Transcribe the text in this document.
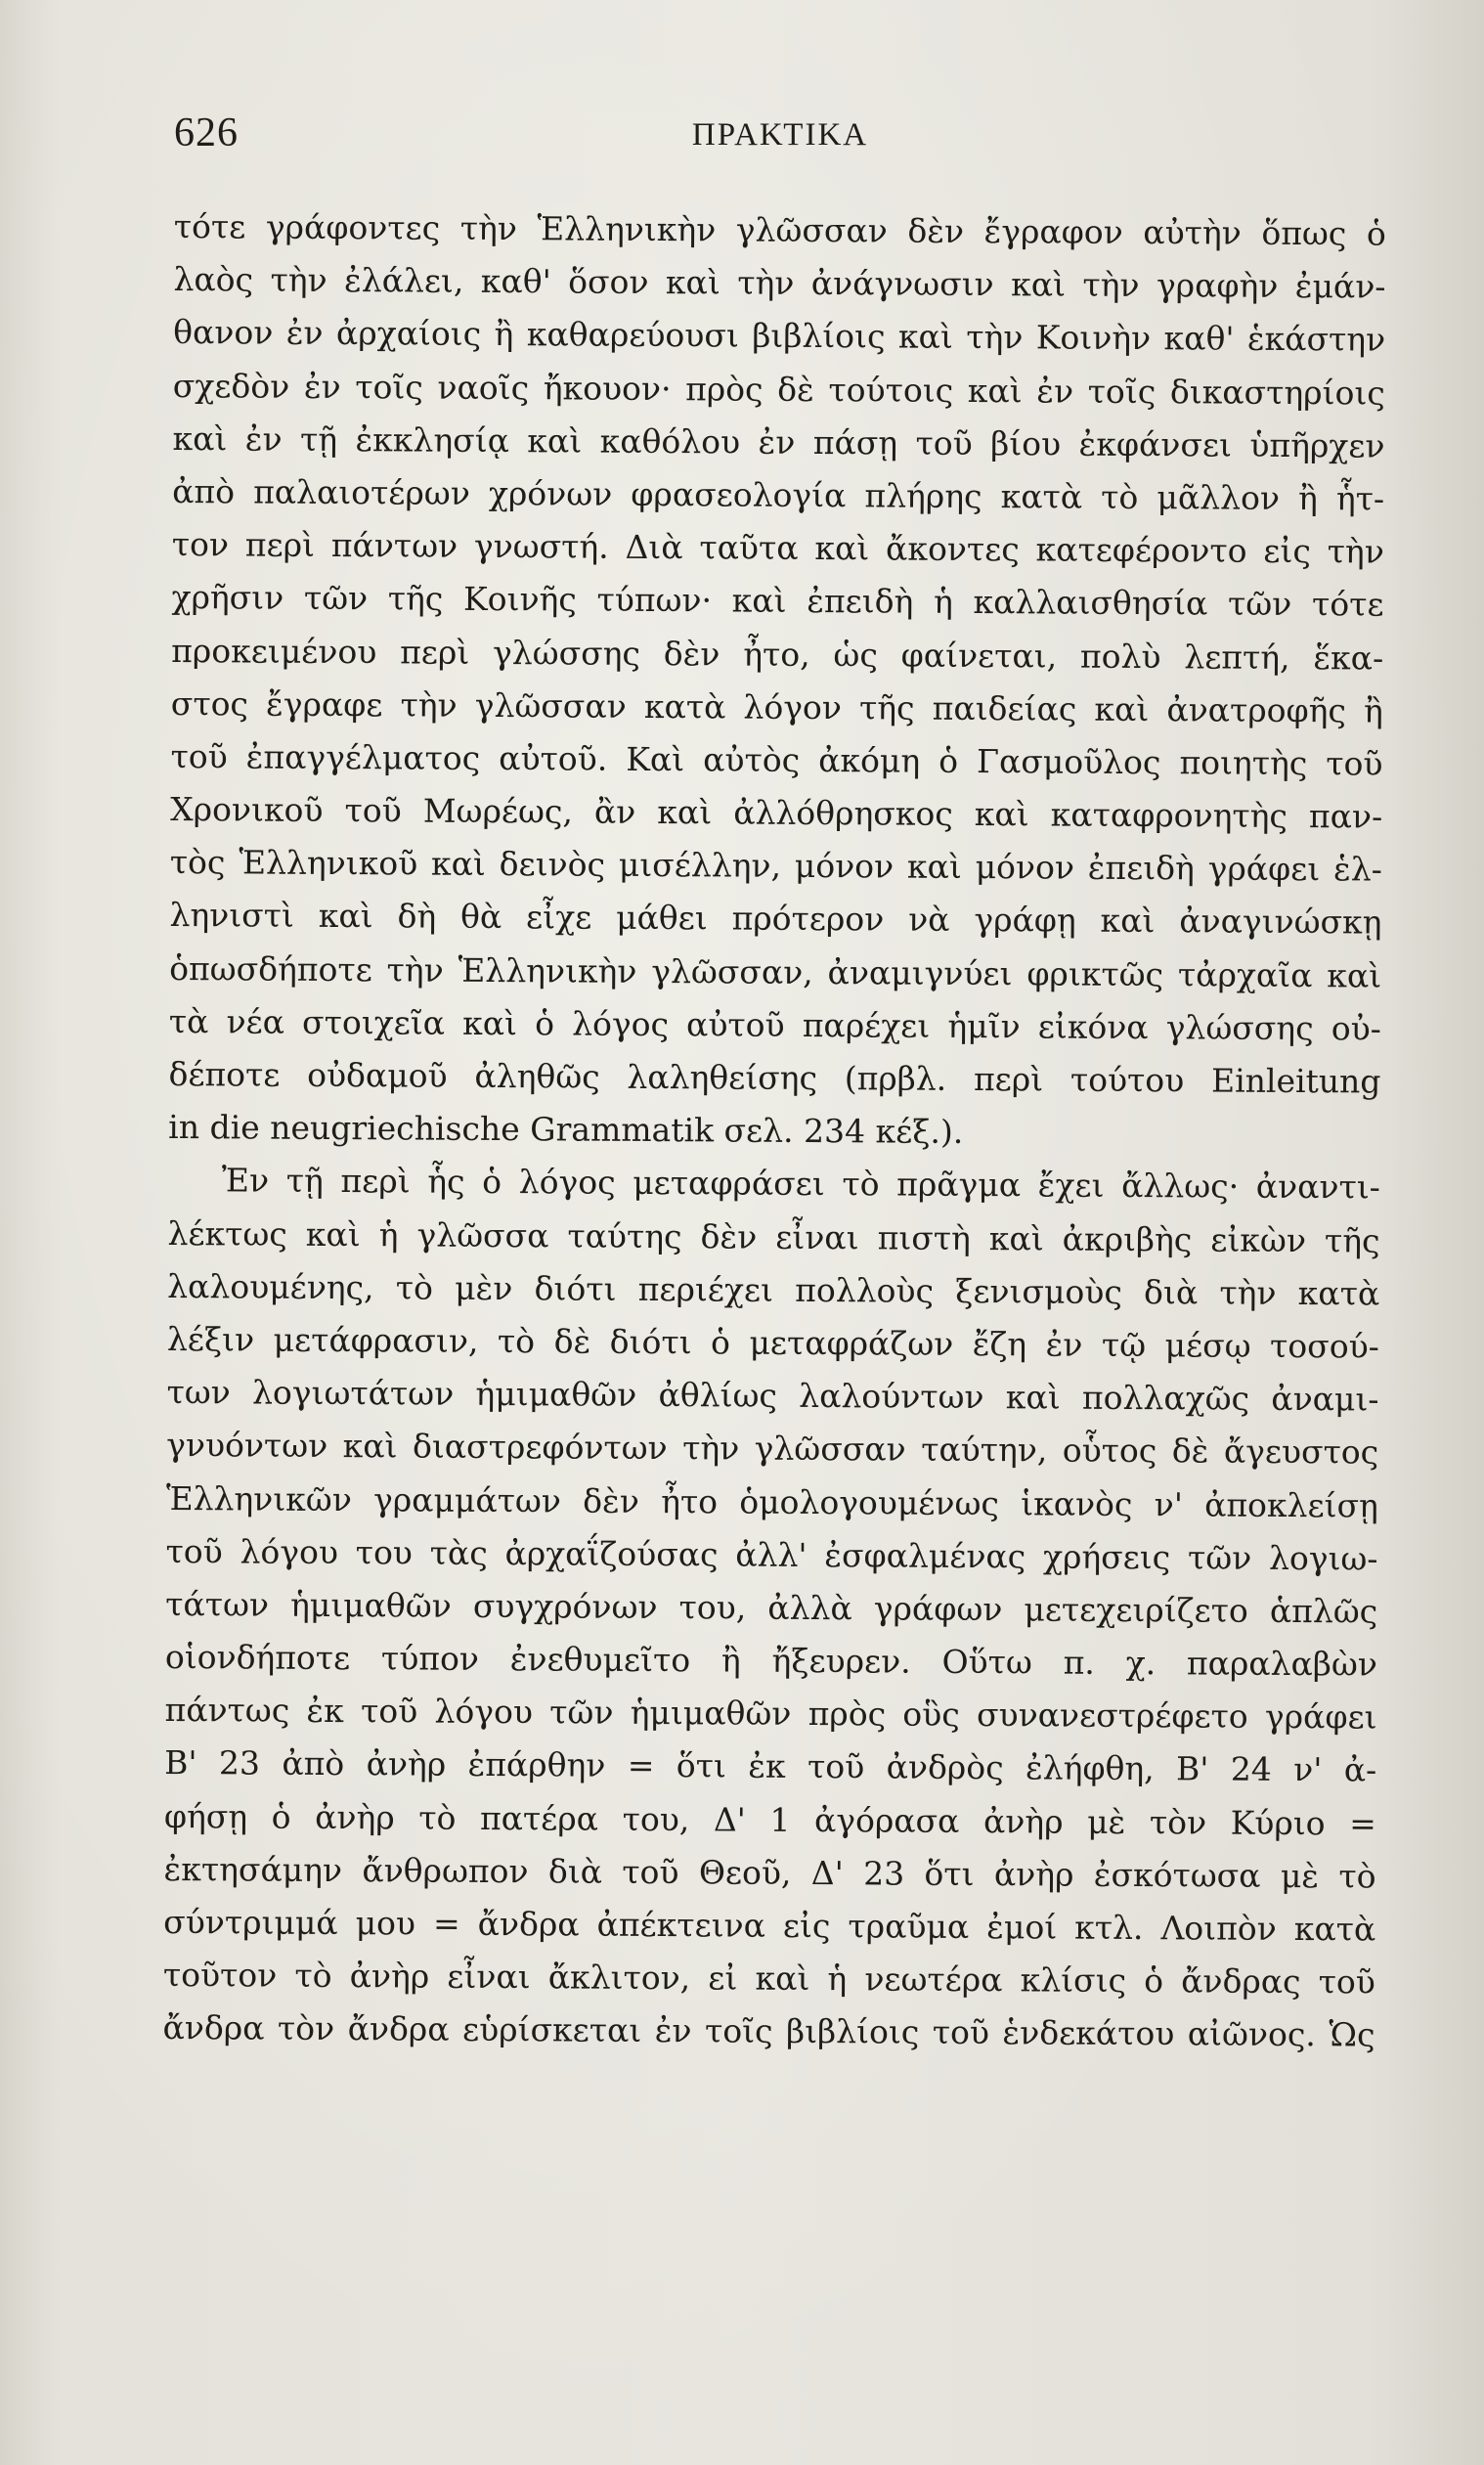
626	ΠΡΑΚΤΙΚΑ
τότε γράφοντες τὴν Ἑλληνικὴν γλῶσσαν δὲν ἔγραφον αὐτὴν ὅπως ὁ
λαὸς τὴν ἐλάλει, καθ' ὅσον καὶ τὴν ἀνάγνωσιν καὶ τὴν γραφὴν ἐμάν-
θανον ἐν ἀρχαίοις ἢ καθαρεύουσι βιβλίοις καὶ τὴν Κοινὴν καθ' ἑκάστην
σχεδὸν ἐν τοῖς ναοῖς ἤκουον· πρὸς δὲ τούτοις καὶ ἐν τοῖς δικαστηρίοις
καὶ ἐν τῇ ἐκκλησίᾳ καὶ καθόλου ἐν πάσῃ τοῦ βίου ἐκφάνσει ὑπῆρχεν
ἀπὸ παλαιοτέρων χρόνων φρασεολογία πλήρης κατὰ τὸ μᾶλλον ἢ ἧτ-
τον περὶ πάντων γνωστή. Διὰ ταῦτα καὶ ἄκοντες κατεφέροντο εἰς τὴν
χρῆσιν τῶν τῆς Κοινῆς τύπων· καὶ ἐπειδὴ ἡ καλλαισθησία τῶν τότε
προκειμένου περὶ γλώσσης δὲν ἦτο, ὡς φαίνεται, πολὺ λεπτή, ἕκα-
στος ἔγραφε τὴν γλῶσσαν κατὰ λόγον τῆς παιδείας καὶ ἀνατροφῆς ἢ
τοῦ ἐπαγγέλματος αὐτοῦ. Καὶ αὐτὸς ἀκόμη ὁ Γασμοῦλος ποιητὴς τοῦ
Χρονικοῦ τοῦ Μωρέως, ἂν καὶ ἀλλόθρησκος καὶ καταφρονητὴς παν-
τὸς Ἑλληνικοῦ καὶ δεινὸς μισέλλην, μόνον καὶ μόνον ἐπειδὴ γράφει ἑλ-
ληνιστὶ καὶ δὴ θὰ εἶχε μάθει πρότερον νὰ γράφῃ καὶ ἀναγινώσκῃ
ὁπωσδήποτε τὴν Ἑλληνικὴν γλῶσσαν, ἀναμιγνύει φρικτῶς τἀρχαῖα καὶ
τὰ νέα στοιχεῖα καὶ ὁ λόγος αὐτοῦ παρέχει ἡμῖν εἰκόνα γλώσσης οὐ-
δέποτε οὐδαμοῦ ἀληθῶς λαληθείσης (πρβλ. περὶ τούτου Einleitung
in die neugriechische Grammatik σελ. 234 κέξ.).
Ἐν τῇ περὶ ἧς ὁ λόγος μεταφράσει τὸ πρᾶγμα ἔχει ἄλλως· ἀναντι-
λέκτως καὶ ἡ γλῶσσα ταύτης δὲν εἶναι πιστὴ καὶ ἀκριβὴς εἰκὼν τῆς
λαλουμένης, τὸ μὲν διότι περιέχει πολλοὺς ξενισμοὺς διὰ τὴν κατὰ
λέξιν μετάφρασιν, τὸ δὲ διότι ὁ μεταφράζων ἔζη ἐν τῷ μέσῳ τοσού-
των λογιωτάτων ἡμιμαθῶν ἀθλίως λαλούντων καὶ πολλαχῶς ἀναμι-
γνυόντων καὶ διαστρεφόντων τὴν γλῶσσαν ταύτην, οὗτος δὲ ἄγευστος
Ἑλληνικῶν γραμμάτων δὲν ἦτο ὁμολογουμένως ἱκανὸς ν' ἀποκλείσῃ
τοῦ λόγου του τὰς ἀρχαΐζούσας ἀλλ' ἐσφαλμένας χρήσεις τῶν λογιω-
τάτων ἡμιμαθῶν συγχρόνων του, ἀλλὰ γράφων μετεχειρίζετο ἁπλῶς
οἱονδήποτε τύπον ἐνεθυμεῖτο ἢ ἤξευρεν. Οὕτω π. χ. παραλαβὼν
πάντως ἐκ τοῦ λόγου τῶν ἡμιμαθῶν πρὸς οὓς συνανεστρέφετο γράφει
Β' 23 ἀπὸ ἀνὴρ ἐπάρθην = ὅτι ἐκ τοῦ ἀνδρὸς ἐλήφθη, Β' 24 ν' ἀ-
φήσῃ ὁ ἀνὴρ τὸ πατέρα του, Δ' 1 ἀγόρασα ἀνὴρ μὲ τὸν Κύριο =
ἐκτησάμην ἄνθρωπον διὰ τοῦ Θεοῦ, Δ' 23 ὅτι ἀνὴρ ἐσκότωσα μὲ τὸ
σύντριμμά μου = ἄνδρα ἀπέκτεινα εἰς τραῦμα ἐμοί κτλ. Λοιπὸν κατὰ
τοῦτον τὸ ἀνὴρ εἶναι ἄκλιτον, εἰ καὶ ἡ νεωτέρα κλίσις ὁ ἄνδρας τοῦ
ἄνδρα τὸν ἄνδρα εὑρίσκεται ἐν τοῖς βιβλίοις τοῦ ἑνδεκάτου αἰῶνος. Ὡς
